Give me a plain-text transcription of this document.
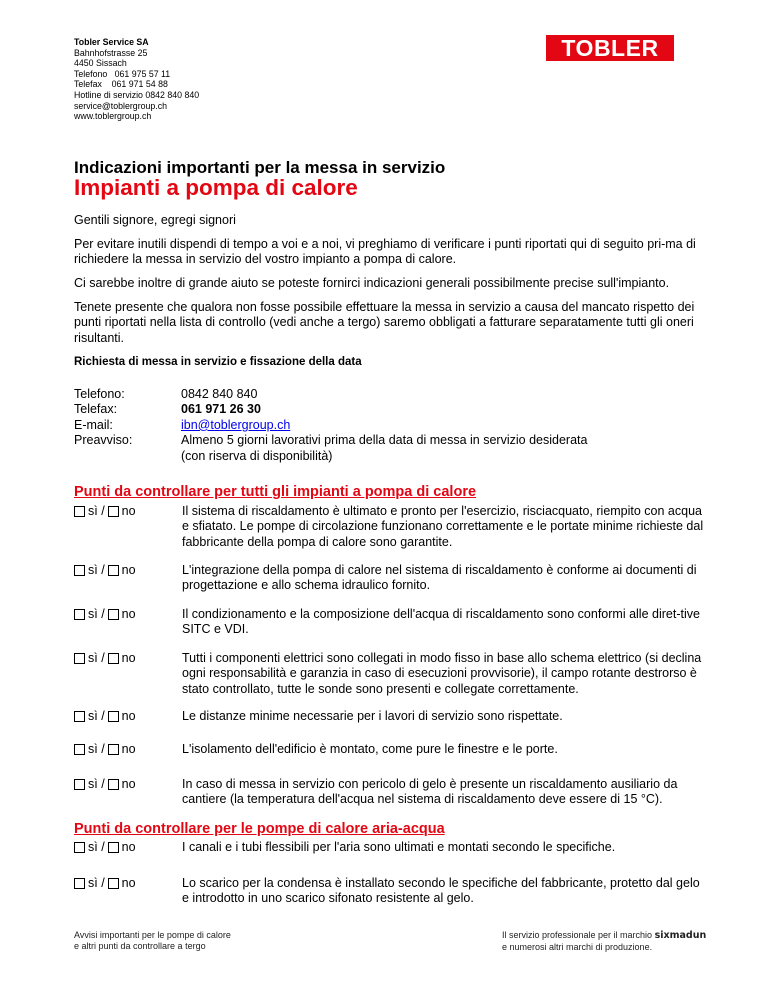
Tobler Service SA
Bahnhofstrasse 25
4450 Sissach
Telefono   061 975 57 11
Telefax    061 971 54 88
Hotline di servizio 0842 840 840
service@toblergroup.ch
www.toblergroup.ch
TOBLER
Indicazioni importanti per la messa in servizio
Impianti a pompa di calore
Gentili signore, egregi signori
Per evitare inutili dispendi di tempo a voi e a noi, vi preghiamo di verificare i punti riportati qui di seguito pri-ma di richiedere la messa in servizio del vostro impianto a pompa di calore.
Ci sarebbe inoltre di grande aiuto se poteste fornirci indicazioni generali possibilmente precise sull'impianto.
Tenete presente che qualora non fosse possibile effettuare la messa in servizio a causa del mancato rispetto dei punti riportati nella lista di controllo (vedi anche a tergo) saremo obbligati a fatturare separatamente tutti gli oneri risultanti.
Richiesta di messa in servizio e fissazione della data
Telefono:	0842 840 840
Telefax:	061 971 26 30
E-mail:	ibn@toblergroup.ch
Preavviso:	Almeno 5 giorni lavorativi prima della data di messa in servizio desiderata
(con riserva di disponibilità)
Punti da controllare per tutti gli impianti a pompa di calore
sì / no	Il sistema di riscaldamento è ultimato e pronto per l'esercizio, risciacquato, riempito con acqua e sfiatato. Le pompe di circolazione funzionano correttamente e le portate minime richieste dal fabbricante della pompa di calore sono garantite.
sì / no	L'integrazione della pompa di calore nel sistema di riscaldamento è conforme ai documenti di progettazione e allo schema idraulico fornito.
sì / no	Il condizionamento e la composizione dell'acqua di riscaldamento sono conformi alle diret-tive SITC e VDI.
sì / no	Tutti i componenti elettrici sono collegati in modo fisso in base allo schema elettrico (si declina ogni responsabilità e garanzia in caso di esecuzioni provvisorie), il campo rotante destrorso è stato controllato, tutte le sonde sono presenti e collegate correttamente.
sì / no	Le distanze minime necessarie per i lavori di servizio sono rispettate.
sì / no	L'isolamento dell'edificio è montato, come pure le finestre e le porte.
sì / no	In caso di messa in servizio con pericolo di gelo è presente un riscaldamento ausiliario da cantiere (la temperatura dell'acqua nel sistema di riscaldamento deve essere di 15 °C).
Punti da controllare per le pompe di calore aria-acqua
sì / no	I canali e i tubi flessibili per l'aria sono ultimati e montati secondo le specifiche.
sì / no	Lo scarico per la condensa è installato secondo le specifiche del fabbricante, protetto dal gelo e introdotto in uno scarico sifonato resistente al gelo.
Avvisi importanti per le pompe di calore
e altri punti da controllare a tergo
Il servizio professionale per il marchio sixmadun
e numerosi altri marchi di produzione.
